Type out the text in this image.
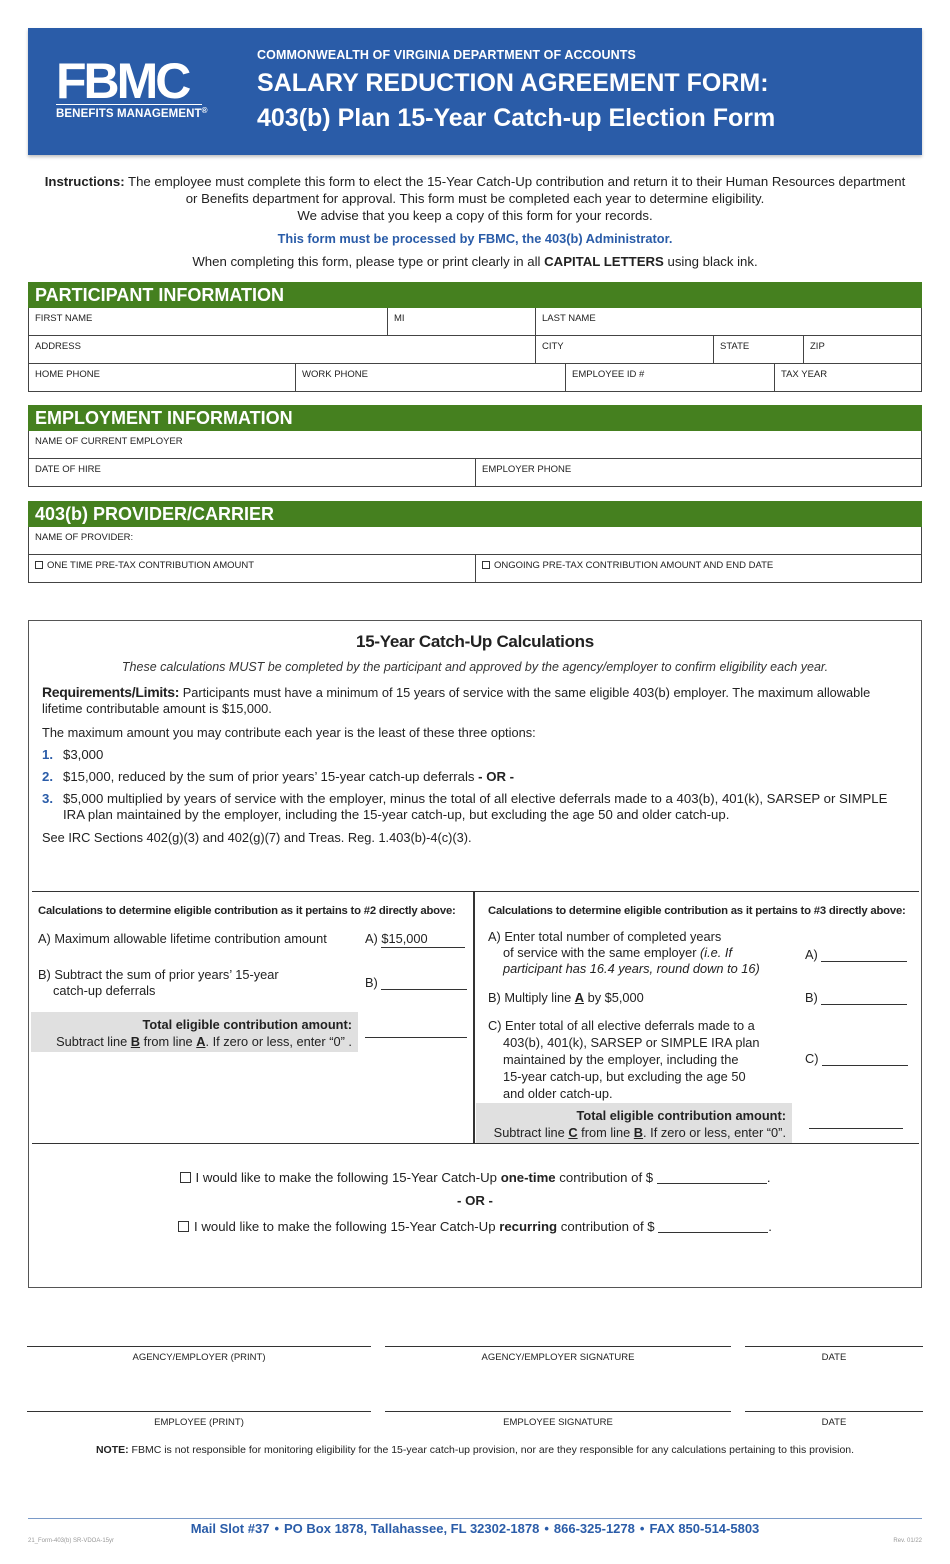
FBMC
BENEFITS MANAGEMENT®
COMMONWEALTH OF VIRGINIA DEPARTMENT OF ACCOUNTS
SALARY REDUCTION AGREEMENT FORM:
403(b) Plan 15-Year Catch-up Election Form
Instructions: The employee must complete this form to elect the 15-Year Catch-Up contribution and return it to their Human Resources department or Benefits department for approval. This form must be completed each year to determine eligibility.
We advise that you keep a copy of this form for your records.
This form must be processed by FBMC, the 403(b) Administrator.
When completing this form, please type or print clearly in all CAPITAL LETTERS using black ink.
PARTICIPANT INFORMATION
FIRST NAME	MI	LAST NAME
ADDRESS	CITY	STATE	ZIP
HOME PHONE	WORK PHONE	EMPLOYEE ID #	TAX YEAR
EMPLOYMENT INFORMATION
NAME OF CURRENT EMPLOYER
DATE OF HIRE	EMPLOYER PHONE
403(b) PROVIDER/CARRIER
NAME OF PROVIDER:
ONE TIME PRE-TAX CONTRIBUTION AMOUNT	ONGOING PRE-TAX CONTRIBUTION AMOUNT AND END DATE
15-Year Catch-Up Calculations
These calculations MUST be completed by the participant and approved by the agency/employer to confirm eligibility each year.
Requirements/Limits: Participants must have a minimum of 15 years of service with the same eligible 403(b) employer. The maximum allowable lifetime contributable amount is $15,000.
The maximum amount you may contribute each year is the least of these three options:
1. $3,000
2. $15,000, reduced by the sum of prior years’ 15-year catch-up deferrals - OR -
3. $5,000 multiplied by years of service with the employer, minus the total of all elective deferrals made to a 403(b), 401(k), SARSEP or SIMPLE IRA plan maintained by the employer, including the 15-year catch-up, but excluding the age 50 and older catch-up.
See IRC Sections 402(g)(3) and 402(g)(7) and Treas. Reg. 1.403(b)-4(c)(3).
Calculations to determine eligible contribution as it pertains to #2 directly above:
A) Maximum allowable lifetime contribution amount	A) $15,000
B) Subtract the sum of prior years’ 15-year
catch-up deferrals
B)
Total eligible contribution amount:
Subtract line B from line A. If zero or less, enter “0” .
Calculations to determine eligible contribution as it pertains to #3 directly above:
A) Enter total number of completed years
of service with the same employer (i.e. If
participant has 16.4 years, round down to 16)
A)
B) Multiply line A by $5,000	B)
C) Enter total of all elective deferrals made to a
403(b), 401(k), SARSEP or SIMPLE IRA plan
maintained by the employer, including the
15-year catch-up, but excluding the age 50
and older catch-up.
C)
Total eligible contribution amount:
Subtract line C from line B. If zero or less, enter “0”.
I would like to make the following 15-Year Catch-Up one-time contribution of $	.
- OR -
I would like to make the following 15-Year Catch-Up recurring contribution of $	.
AGENCY/EMPLOYER (PRINT)	AGENCY/EMPLOYER SIGNATURE	DATE
EMPLOYEE (PRINT)	EMPLOYEE SIGNATURE	DATE
NOTE: FBMC is not responsible for monitoring eligibility for the 15-year catch-up provision, nor are they responsible for any calculations pertaining to this provision.
Mail Slot #37 • PO Box 1878, Tallahassee, FL 32302-1878 • 866-325-1278 • FAX 850-514-5803
21_Form-403(b) SR-VDOA-15yr	Rev. 01/22
